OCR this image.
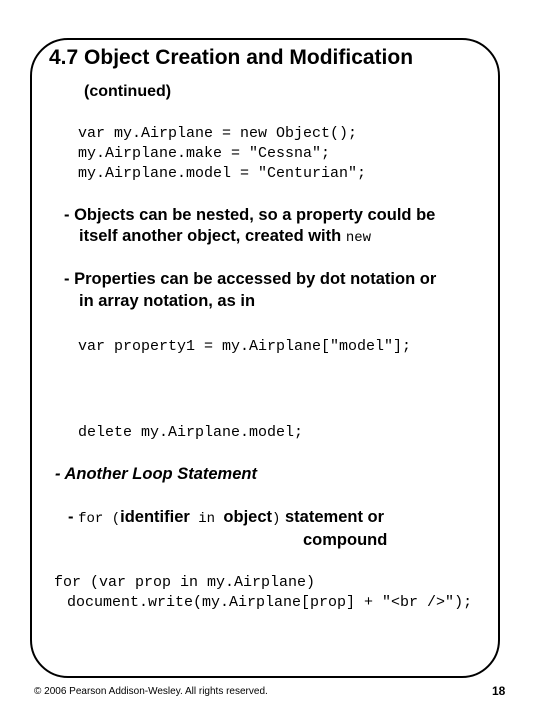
4.7 Object Creation and Modification
(continued)
var my.Airplane = new Object();
my.Airplane.make = "Cessna";
my.Airplane.model = "Centurian";
- Objects can be nested, so a property could be
itself another object, created with new
- Properties can be accessed by dot notation or
in array notation, as in
var property1 = my.Airplane["model"];
delete my.Airplane.model;
- Another Loop Statement
- for (identifier in object) statement or
compound
for (var prop in my.Airplane)
document.write(my.Airplane[prop] + "<br />");
© 2006 Pearson Addison-Wesley. All rights reserved.	18
